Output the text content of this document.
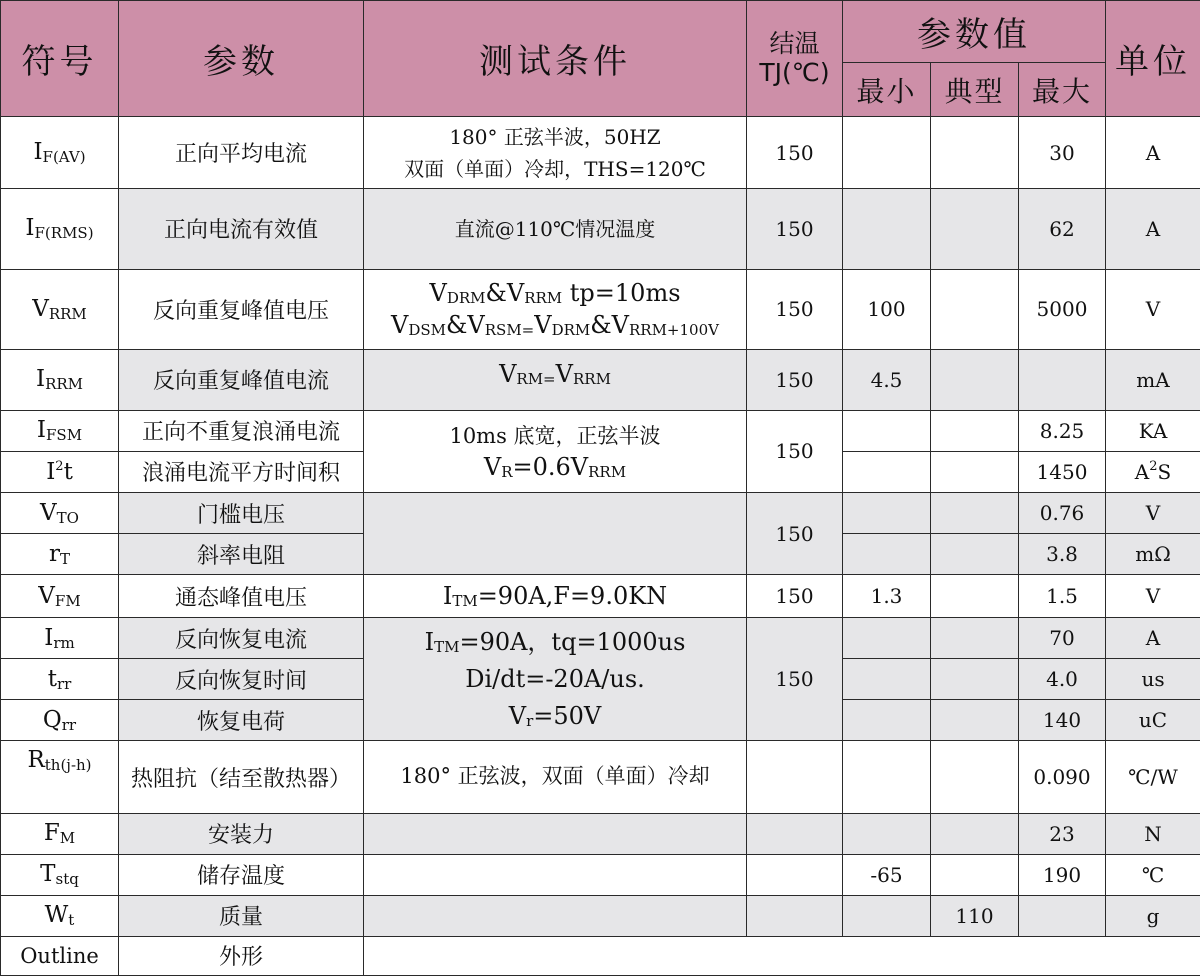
符号	参数	测试条件	结温
TJ(℃)	参数值			单位
				最小	典型	最大	
$I_{F(AV)}$	正向平均电流	180° 正弦半波，50HZ
双面（单面）冷却，THS=120℃	150			30	A
$I_{F(RMS)}$	正向电流有效值	直流@110℃情况温度	150			62	A
$V_{RRM}$	反向重复峰值电压	$V_{DRM}\&V_{RRM}$ tp=10ms
$V_{DSM}\&V_{RSM=}V_{DRM}\&V_{RRM+100V}$	150	100		5000	V
$I_{RRM}$	反向重复峰值电流	$V_{RM=}V_{RRM}$	150	4.5			mA
$I_{FSM}$	正向不重复浪涌电流	10ms 底宽，正弦半波
$V_R=0.6V_{RRM}$	150			8.25	KA
$I^2t$	浪涌电流平方时间积					1450	$A^2S$
$V_{TO}$	门槛电压		150			0.76	V
$r_T$	斜率电阻					3.8	mΩ
$V_{FM}$	通态峰值电压	$I_{TM}=90A,F=9.0KN$	150	1.3		1.5	V
$I_{rm}$	反向恢复电流	$I_{TM}=90A$，tq=1000us
Di/dt=-20A/us.
$V_r=50V$	150			70	A
$t_{rr}$	反向恢复时间					4.0	us
$Q_{rr}$	恢复电荷					140	uC
$R_{th(j-h)}$	热阻抗（结至散热器）	180° 正弦波，双面（单面）冷却				0.090	℃/W
$F_M$	安装力					23	N
$T_{stq}$	储存温度			-65		190	℃
$W_t$	质量				110		g
Outline	外形						
